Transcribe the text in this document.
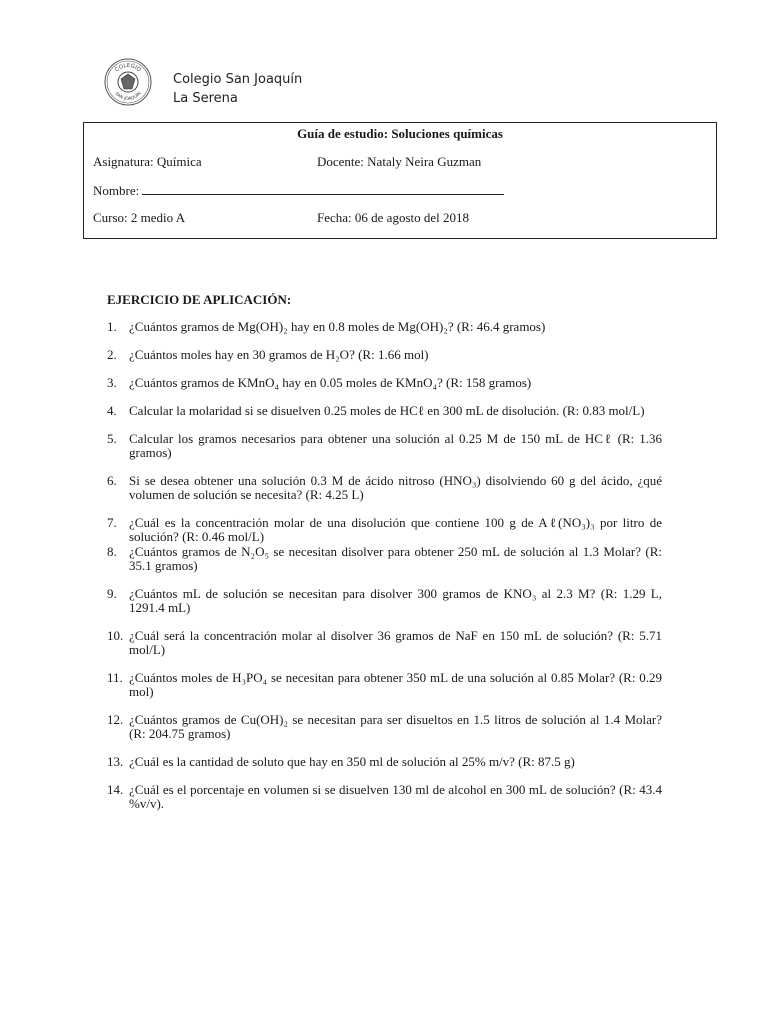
COLEGIO
SAN JOAQUÍN
Colegio San Joaquín
La Serena
Guía de estudio: Soluciones químicas
Asignatura: Química	Docente: Nataly Neira Guzman
Nombre:
Curso: 2 medio A	Fecha: 06 de agosto del 2018
EJERCICIO DE APLICACIÓN:
1. ¿Cuántos gramos de Mg(OH)₂ hay en 0.8 moles de Mg(OH)₂? (R: 46.4 gramos)
2. ¿Cuántos moles hay en 30 gramos de H₂O? (R: 1.66 mol)
3. ¿Cuántos gramos de KMnO₄ hay en 0.05 moles de KMnO₄? (R: 158 gramos)
4. Calcular la molaridad si se disuelven 0.25 moles de HCℓ en 300 mL de disolución. (R: 0.83 mol/L)
5. Calcular los gramos necesarios para obtener una solución al 0.25 M de 150 mL de HCℓ (R: 1.36 gramos)
6. Si se desea obtener una solución 0.3 M de ácido nitroso (HNO₃) disolviendo 60 g del ácido, ¿qué volumen de solución se necesita? (R: 4.25 L)
7. ¿Cuál es la concentración molar de una disolución que contiene 100 g de Aℓ(NO₃)₃ por litro de solución? (R: 0.46 mol/L)
8. ¿Cuántos gramos de N₂O₅ se necesitan disolver para obtener 250 mL de solución al 1.3 Molar? (R: 35.1 gramos)
9. ¿Cuántos mL de solución se necesitan para disolver 300 gramos de KNO₃ al 2.3 M? (R: 1.29 L, 1291.4 mL)
10. ¿Cuál será la concentración molar al disolver 36 gramos de NaF en 150 mL de solución? (R: 5.71 mol/L)
11. ¿Cuántos moles de H₃PO₄ se necesitan para obtener 350 mL de una solución al 0.85 Molar? (R: 0.29 mol)
12. ¿Cuántos gramos de Cu(OH)₂ se necesitan para ser disueltos en 1.5 litros de solución al 1.4 Molar? (R: 204.75 gramos)
13. ¿Cuál es la cantidad de soluto que hay en 350 ml de solución al 25% m/v? (R: 87.5 g)
14. ¿Cuál es el porcentaje en volumen si se disuelven 130 ml de alcohol en 300 mL de solución? (R: 43.4 %v/v).
